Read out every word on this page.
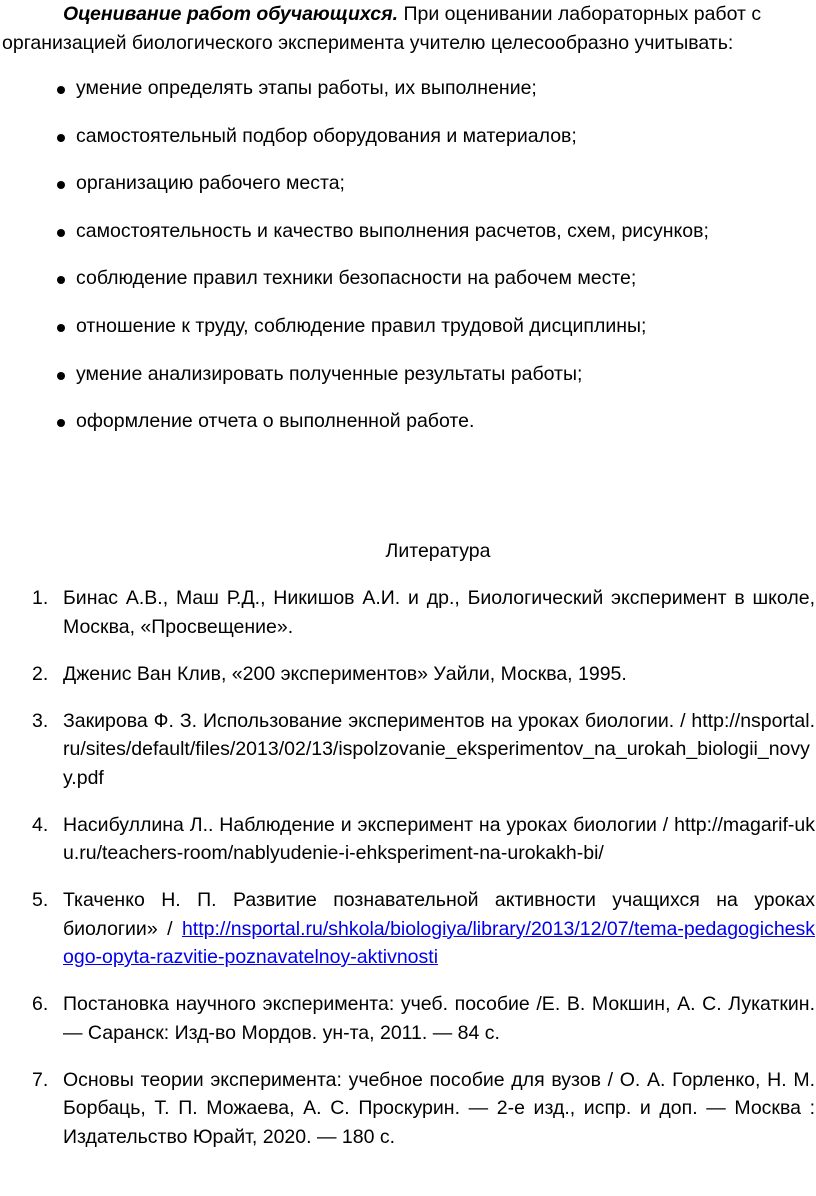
Оценивание работ обучающихся. При оценивании лабораторных работ с
организацией биологического эксперимента учителю целесообразно учитывать:

умение определять этапы работы, их выполнение;
самостоятельный подбор оборудования и материалов;
организацию рабочего места;
самостоятельность и качество выполнения расчетов, схем, рисунков;
соблюдение правил техники безопасности на рабочем месте;
отношение к труду, соблюдение правил трудовой дисциплины;
умение анализировать полученные результаты работы;
оформление отчета о выполненной работе.
Литература
1. Бинас А.В., Маш Р.Д., Никишов А.И. и др., Биологический эксперимент в школе, Москва, «Просвещение».
2. Дженис Ван Клив, «200 экспериментов» Уайли, Москва, 1995.
3. Закирова Ф. З. Использование экспериментов на уроках биологии. / http://nsportal.ru/sites/default/files/2013/02/13/ispolzovanie_eksperimentov_na_urokah_biologii_novyy.pdf
4. Насибуллина Л.. Наблюдение и эксперимент на уроках биологии / http://magarif-uku.ru/teachers-room/nablyudenie-i-ehksperiment-na-urokakh-bi/
5. Ткаченко Н. П. Развитие познавательной активности учащихся на уроках биологии» / http://nsportal.ru/shkola/biologiya/library/2013/12/07/tema-pedagogicheskogo-opyta-razvitie-poznavatelnoy-aktivnosti
6. Постановка научного эксперимента: учеб. пособие /Е. В. Мокшин, А. С. Лукаткин. — Саранск: Изд-во Мордов. ун-та, 2011. — 84 с.
7. Основы теории эксперимента: учебное пособие для вузов / О. А. Горленко, Н. М. Борбаць, Т. П. Можаева, А. С. Проскурин. — 2-е изд., испр. и доп. — Москва : Издательство Юрайт, 2020. — 180 с.
